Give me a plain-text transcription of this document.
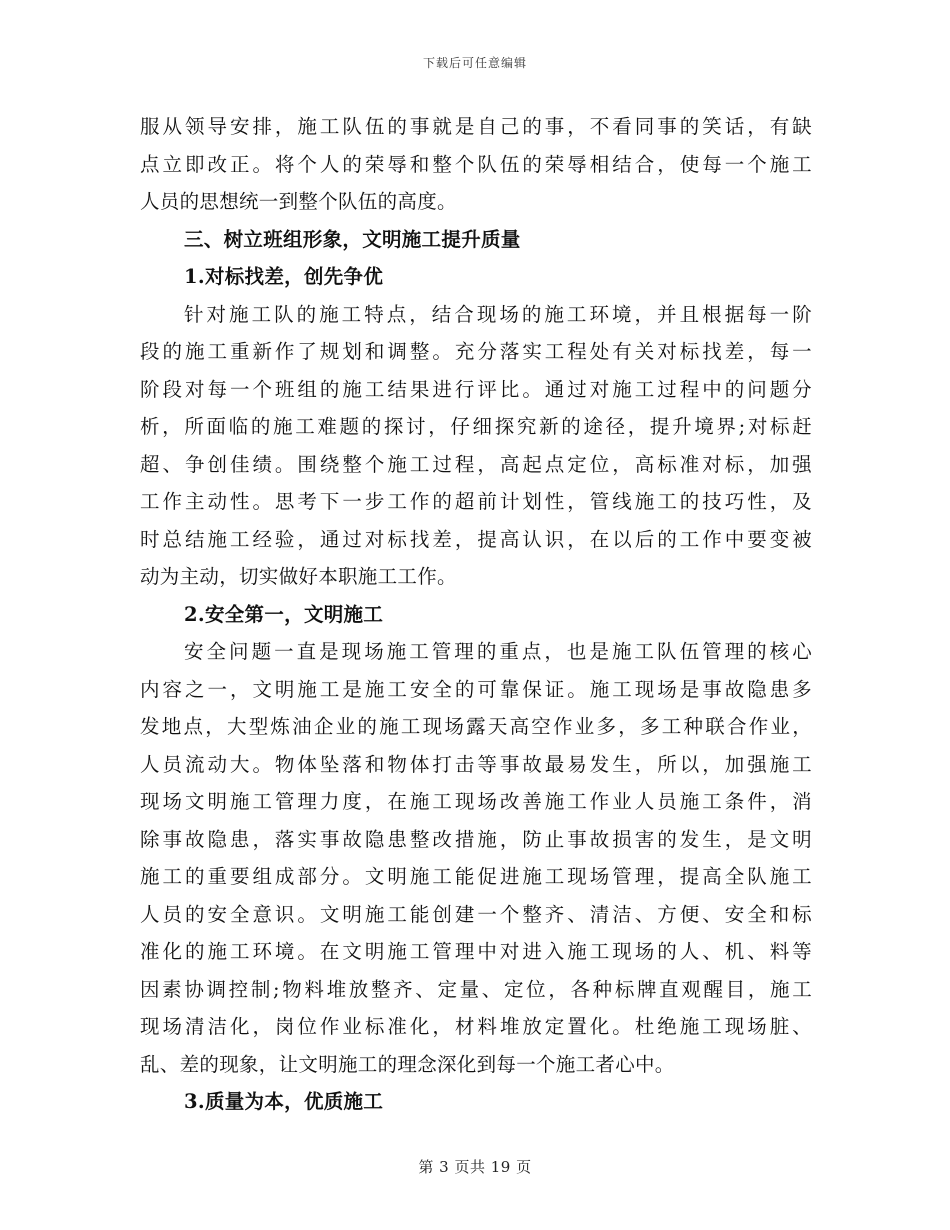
下载后可任意编辑
服从领导安排，施工队伍的事就是自己的事，不看同事的笑话，有缺
点立即改正。将个人的荣辱和整个队伍的荣辱相结合，使每一个施工
人员的思想统一到整个队伍的高度。
三、树立班组形象，文明施工提升质量
1.对标找差，创先争优
针对施工队的施工特点，结合现场的施工环境，并且根据每一阶
段的施工重新作了规划和调整。充分落实工程处有关对标找差，每一
阶段对每一个班组的施工结果进行评比。通过对施工过程中的问题分
析，所面临的施工难题的探讨，仔细探究新的途径，提升境界;对标赶
超、争创佳绩。围绕整个施工过程，高起点定位，高标准对标，加强
工作主动性。思考下一步工作的超前计划性，管线施工的技巧性，及
时总结施工经验，通过对标找差，提高认识，在以后的工作中要变被
动为主动，切实做好本职施工工作。
2.安全第一，文明施工
安全问题一直是现场施工管理的重点，也是施工队伍管理的核心
内容之一，文明施工是施工安全的可靠保证。施工现场是事故隐患多
发地点，大型炼油企业的施工现场露天高空作业多，多工种联合作业，
人员流动大。物体坠落和物体打击等事故最易发生，所以，加强施工
现场文明施工管理力度，在施工现场改善施工作业人员施工条件，消
除事故隐患，落实事故隐患整改措施，防止事故损害的发生，是文明
施工的重要组成部分。文明施工能促进施工现场管理，提高全队施工
人员的安全意识。文明施工能创建一个整齐、清洁、方便、安全和标
准化的施工环境。在文明施工管理中对进入施工现场的人、机、料等
因素协调控制;物料堆放整齐、定量、定位，各种标牌直观醒目，施工
现场清洁化，岗位作业标准化，材料堆放定置化。杜绝施工现场脏、
乱、差的现象，让文明施工的理念深化到每一个施工者心中。
3.质量为本，优质施工
第 3 页共 19 页
